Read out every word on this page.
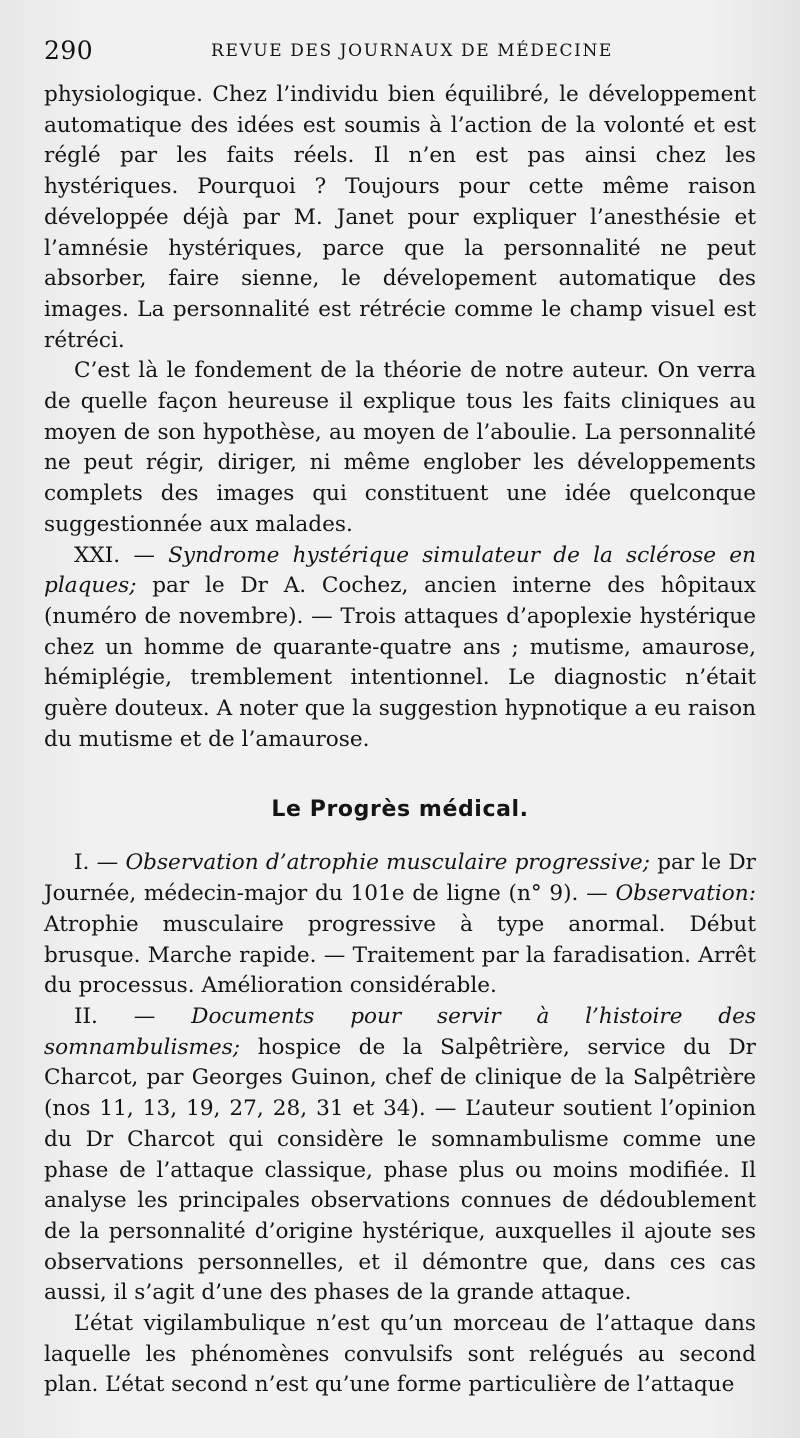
290	REVUE DES JOURNAUX DE MÉDECINE

physiologique. Chez l’individu bien équilibré, le développement automatique des idées est soumis à l’action de la volonté et est réglé par les faits réels. Il n’en est pas ainsi chez les hystériques. Pourquoi ? Toujours pour cette même raison développée déjà par M. Janet pour expliquer l’anesthésie et l’amnésie hystériques, parce que la personnalité ne peut absorber, faire sienne, le dévelopement automatique des images. La personnalité est rétrécie comme le champ visuel est rétréci.

C’est là le fondement de la théorie de notre auteur. On verra de quelle façon heureuse il explique tous les faits cliniques au moyen de son hypothèse, au moyen de l’aboulie. La personnalité ne peut régir, diriger, ni même englober les développements complets des images qui constituent une idée quelconque suggestionnée aux malades.

XXI. — Syndrome hystérique simulateur de la sclérose en plaques; par le Dr A. Cochez, ancien interne des hôpitaux (numéro de novembre). — Trois attaques d’apoplexie hystérique chez un homme de quarante-quatre ans ; mutisme, amaurose, hémiplégie, tremblement intentionnel. Le diagnostic n’était guère douteux. A noter que la suggestion hypnotique a eu raison du mutisme et de l’amaurose.

Le Progrès médical.

I. — Observation d’atrophie musculaire progressive; par le Dr Journée, médecin-major du 101e de ligne (n° 9). — Observation: Atrophie musculaire progressive à type anormal. Début brusque. Marche rapide. — Traitement par la faradisation. Arrêt du processus. Amélioration considérable.

II. — Documents pour servir à l’histoire des somnambulismes; hospice de la Salpêtrière, service du Dr Charcot, par Georges Guinon, chef de clinique de la Salpêtrière (nos 11, 13, 19, 27, 28, 31 et 34). — L’auteur soutient l’opinion du Dr Charcot qui considère le somnambulisme comme une phase de l’attaque classique, phase plus ou moins modifiée. Il analyse les principales observations connues de dédoublement de la personnalité d’origine hystérique, auxquelles il ajoute ses observations personnelles, et il démontre que, dans ces cas aussi, il s’agit d’une des phases de la grande attaque.

L’état vigilambulique n’est qu’un morceau de l’attaque dans laquelle les phénomènes convulsifs sont relégués au second plan. L’état second n’est qu’une forme particulière de l’attaque
